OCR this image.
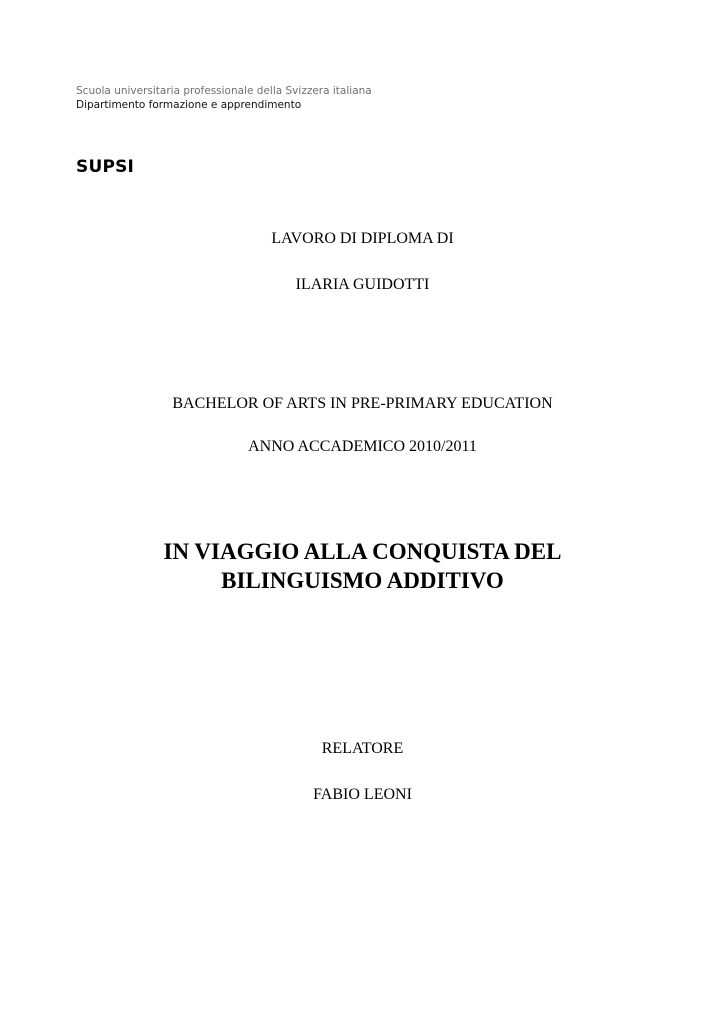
Scuola universitaria professionale della Svizzera italiana
Dipartimento formazione e apprendimento
SUPSI
LAVORO DI DIPLOMA DI
ILARIA GUIDOTTI
BACHELOR OF ARTS IN PRE-PRIMARY EDUCATION
ANNO ACCADEMICO 2010/2011
IN VIAGGIO ALLA CONQUISTA DEL
BILINGUISMO ADDITIVO
RELATORE
FABIO LEONI
